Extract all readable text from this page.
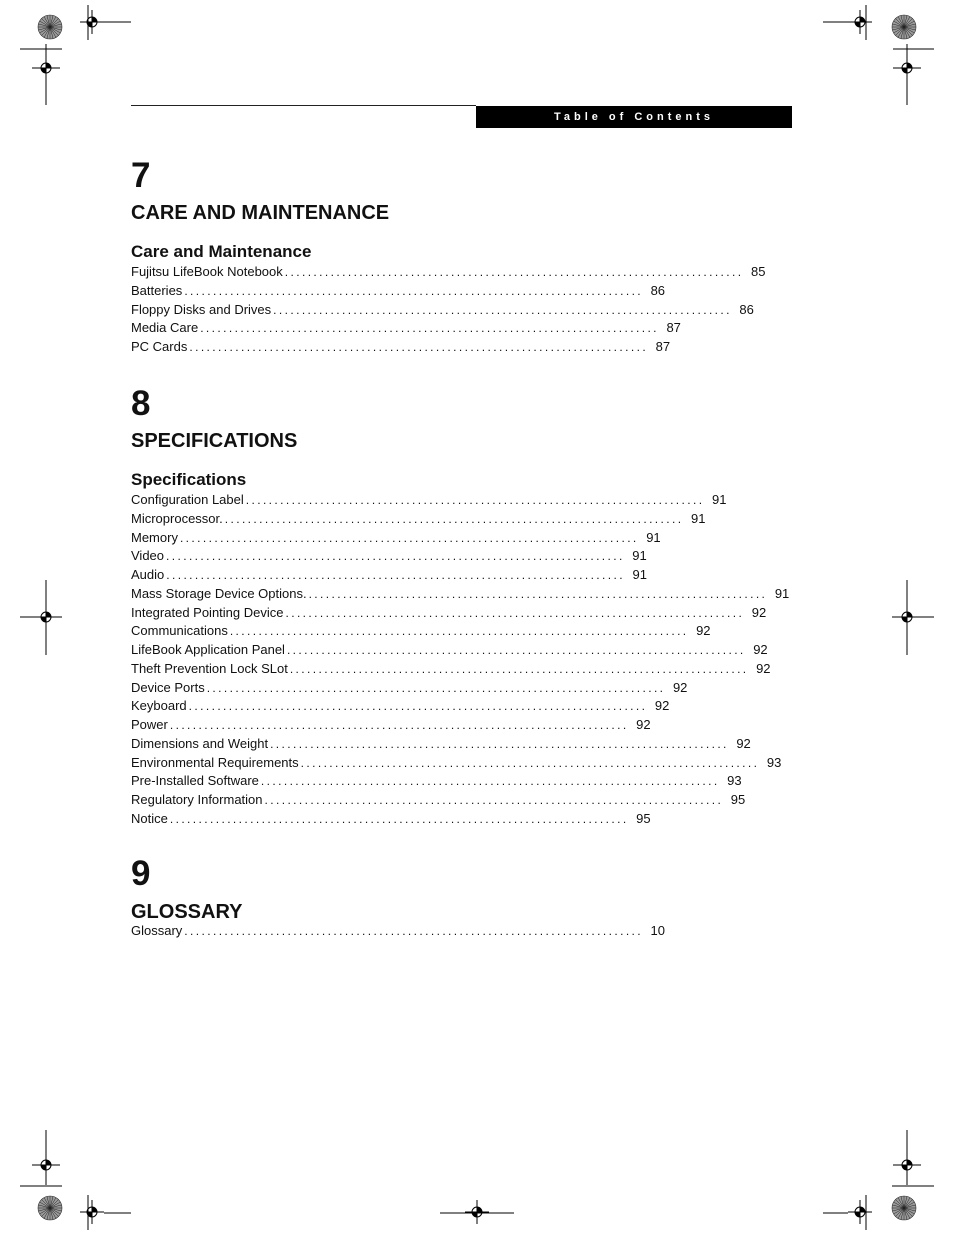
Table of Contents
7
CARE AND MAINTENANCE
Care and Maintenance
Fujitsu LifeBook Notebook ................................................................................ 85
Batteries ................................................................................ 86
Floppy Disks and Drives ................................................................................ 86
Media Care ................................................................................ 87
PC Cards ................................................................................ 87
8
SPECIFICATIONS
Specifications
Configuration Label ................................................................................ 91
Microprocessor. ................................................................................ 91
Memory ................................................................................ 91
Video ................................................................................ 91
Audio ................................................................................ 91
Mass Storage Device Options. ................................................................................ 91
Integrated Pointing Device ................................................................................ 92
Communications ................................................................................ 92
LifeBook Application Panel ................................................................................ 92
Theft Prevention Lock SLot ................................................................................ 92
Device Ports ................................................................................ 92
Keyboard ................................................................................ 92
Power ................................................................................ 92
Dimensions and Weight ................................................................................ 92
Environmental Requirements ................................................................................ 93
Pre-Installed Software ................................................................................ 93
Regulatory Information ................................................................................ 95
Notice ................................................................................ 95
9
GLOSSARY
Glossary ................................................................................ 10
